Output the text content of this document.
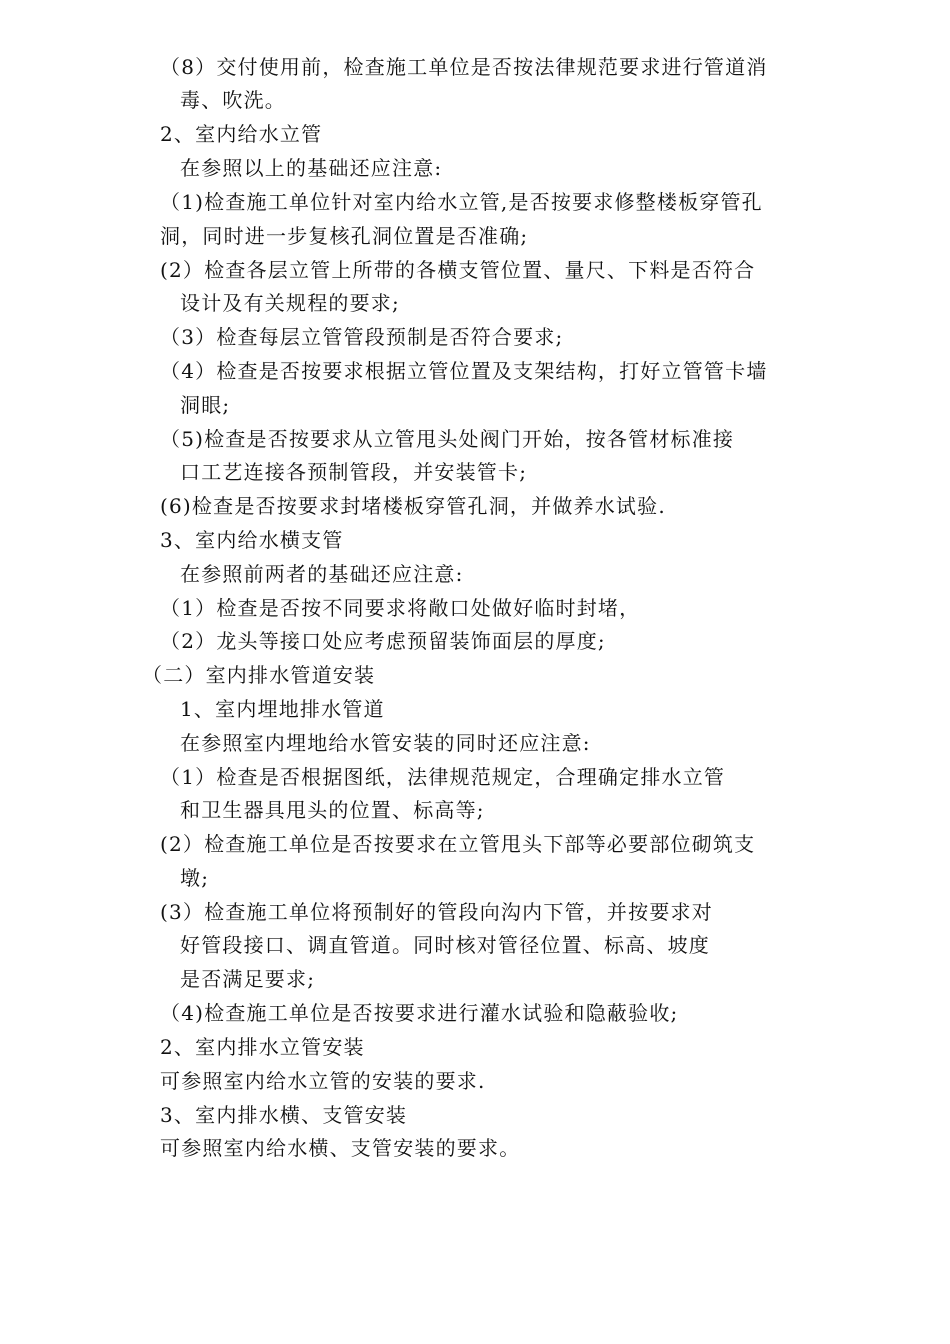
（8）交付使用前，检查施工单位是否按法律规范要求进行管道消
毒、吹洗。
2、室内给水立管
在参照以上的基础还应注意:
（1)检查施工单位针对室内给水立管,是否按要求修整楼板穿管孔
洞，同时进一步复核孔洞位置是否准确;
(2）检查各层立管上所带的各横支管位置、量尺、下料是否符合
设计及有关规程的要求;
（3）检查每层立管管段预制是否符合要求;
（4）检查是否按要求根据立管位置及支架结构，打好立管管卡墙
洞眼;
（5)检查是否按要求从立管甩头处阀门开始，按各管材标准接
口工艺连接各预制管段，并安装管卡;
(6)检查是否按要求封堵楼板穿管孔洞，并做养水试验.
3、室内给水横支管
在参照前两者的基础还应注意:
（1）检查是否按不同要求将敞口处做好临时封堵，
（2）龙头等接口处应考虑预留装饰面层的厚度;
（二）室内排水管道安装
1、室内埋地排水管道
在参照室内埋地给水管安装的同时还应注意:
（1）检查是否根据图纸，法律规范规定，合理确定排水立管
和卫生器具甩头的位置、标高等;
(2）检查施工单位是否按要求在立管甩头下部等必要部位砌筑支
墩;
(3）检查施工单位将预制好的管段向沟内下管，并按要求对
好管段接口、调直管道。同时核对管径位置、标高、坡度
是否满足要求;
（4)检查施工单位是否按要求进行灌水试验和隐蔽验收;
2、室内排水立管安装
可参照室内给水立管的安装的要求.
3、室内排水横、支管安装
可参照室内给水横、支管安装的要求。
